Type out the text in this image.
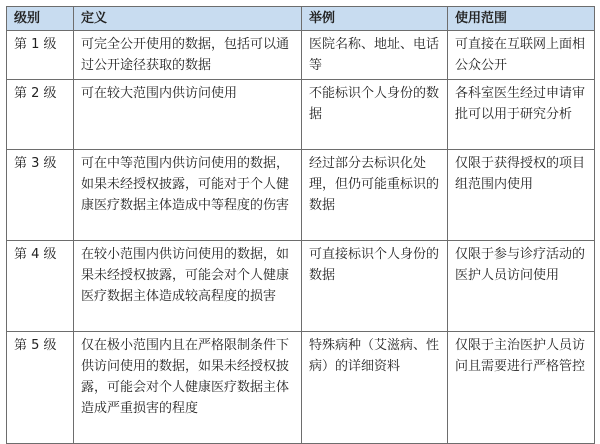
级别	定义	举例	使用范围
第 1 级	可完全公开使用的数据，包括可以通过公开途径获取的数据	医院名称、地址、电话等	可直接在互联网上面相公众公开
第 2 级	可在较大范围内供访问使用	不能标识个人身份的数据	各科室医生经过申请审批可以用于研究分析
第 3 级	可在中等范围内供访问使用的数据，如果未经授权披露，可能对于个人健康医疗数据主体造成中等程度的伤害	经过部分去标识化处理，但仍可能重标识的数据	仅限于获得授权的项目组范围内使用
第 4 级	在较小范围内供访问使用的数据，如果未经授权披露，可能会对个人健康医疗数据主体造成较高程度的损害	可直接标识个人身份的数据	仅限于参与诊疗活动的医护人员访问使用
第 5 级	仅在极小范围内且在严格限制条件下供访问使用的数据，如果未经授权披露，可能会对个人健康医疗数据主体造成严重损害的程度	特殊病种（艾滋病、性病）的详细资料	仅限于主治医护人员访问且需要进行严格管控
